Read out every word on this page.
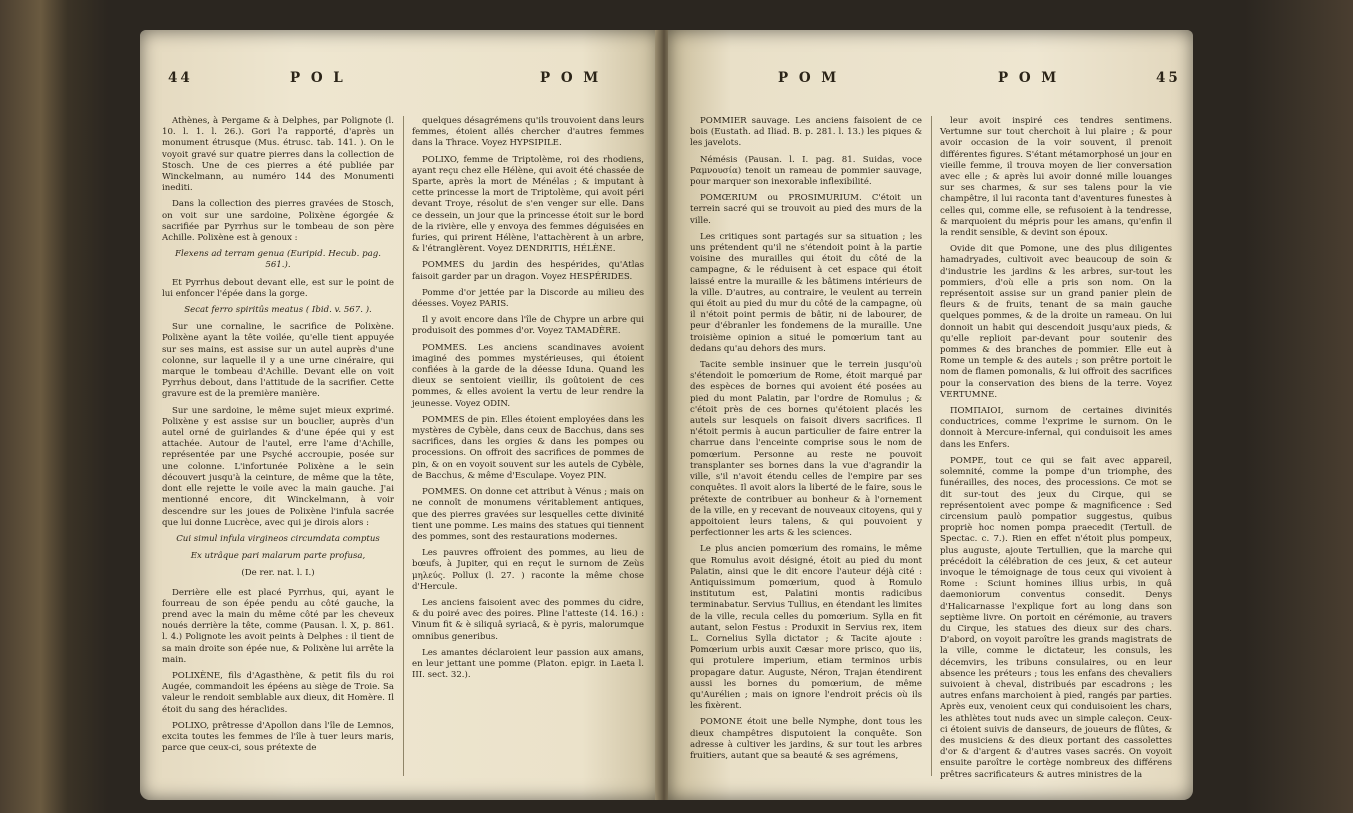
44	P O L	P O M

Athènes, à Pergame & à Delphes, par Polignote (l. 10. l. 1. l. 26.). Gori l'a rapporté, d'après un monument étrusque (Mus. étrusc. tab. 141. ). On le voyoit gravé sur quatre pierres dans la collection de Stosch. Une de ces pierres a été publiée par Winckelmann, au numéro 144 des Monumenti inediti.

Dans la collection des pierres gravées de Stosch, on voit sur une sardoine, Polixène égorgée & sacrifiée par Pyrrhus sur le tombeau de son père Achille. Polixène est à genoux :

Flexens ad terram genua (Euripid. Hecub. pag. 561.).

Et Pyrrhus debout devant elle, est sur le point de lui enfoncer l'épée dans la gorge.

Secat ferro spiritûs meatus ( Ibid. v. 567. ).

Sur une cornaline, le sacrifice de Polixène. Polixène ayant la tête voilée, qu'elle tient appuyée sur ses mains, est assise sur un autel auprès d'une colonne, sur laquelle il y a une urne cinéraire, qui marque le tombeau d'Achille. Devant elle on voit Pyrrhus debout, dans l'attitude de la sacrifier. Cette gravure est de la première manière.

Sur une sardoine, le même sujet mieux exprimé. Polixène y est assise sur un bouclier, auprès d'un autel orné de guirlandes & d'une épée qui y est attachée. Autour de l'autel, erre l'ame d'Achille, représentée par une Psyché accroupie, posée sur une colonne. L'infortunée Polixène a le sein découvert jusqu'à la ceinture, de même que la tête, dont elle rejette le voile avec la main gauche. J'ai mentionné encore, dit Winckelmann, à voir descendre sur les joues de Polixène l'infula sacrée que lui donne Lucrèce, avec qui je dirois alors :

Cui simul infula virgineos circumdata comptus

Ex utrâque pari malarum parte profusa,

(De rer. nat. l. I.)

Derrière elle est placé Pyrrhus, qui, ayant le fourreau de son épée pendu au côté gauche, la prend avec la main du même côté par les cheveux noués derrière la tête, comme (Pausan. l. X, p. 861. l. 4.) Polignote les avoit peints à Delphes : il tient de sa main droite son épée nue, & Polixène lui arrête la main.

POLIXÈNE, fils d'Agasthène, & petit fils du roi Augée, commandoit les épéens au siège de Troie. Sa valeur le rendoit semblable aux dieux, dit Homère. Il étoit du sang des héraclides.

POLIXO, prêtresse d'Apollon dans l'île de Lemnos, excita toutes les femmes de l'île à tuer leurs maris, parce que ceux-ci, sous prétexte de

quelques désagrémens qu'ils trouvoient dans leurs femmes, étoient allés chercher d'autres femmes dans la Thrace. Voyez HYPSIPILE.

POLIXO, femme de Triptolème, roi des rhodiens, ayant reçu chez elle Hélène, qui avoit été chassée de Sparte, après la mort de Ménélas ; & imputant à cette princesse la mort de Triptolème, qui avoit péri devant Troye, résolut de s'en venger sur elle. Dans ce dessein, un jour que la princesse étoit sur le bord de la rivière, elle y envoya des femmes déguisées en furies, qui prirent Hélène, l'attachèrent à un arbre, & l'étranglèrent. Voyez DENDRITIS, HÉLÈNE.

POMMES du jardin des hespérides, qu'Atlas faisoit garder par un dragon. Voyez HESPÉRIDES.

Pomme d'or jettée par la Discorde au milieu des déesses. Voyez PARIS.

Il y avoit encore dans l'île de Chypre un arbre qui produisoit des pommes d'or. Voyez TAMADÈRE.

POMMES. Les anciens scandinaves avoient imaginé des pommes mystérieuses, qui étoient confiées à la garde de la déesse Iduna. Quand les dieux se sentoient vieillir, ils goûtoient de ces pommes, & elles avoient la vertu de leur rendre la jeunesse. Voyez ODIN.

POMMES de pin. Elles étoient employées dans les mystères de Cybèle, dans ceux de Bacchus, dans ses sacrifices, dans les orgies & dans les pompes ou processions. On offroit des sacrifices de pommes de pin, & on en voyoit souvent sur les autels de Cybèle, de Bacchus, & même d'Esculape. Voyez PIN.

POMMES. On donne cet attribut à Vénus ; mais on ne connoît de monumens véritablement antiques, que des pierres gravées sur lesquelles cette divinité tient une pomme. Les mains des statues qui tiennent des pommes, sont des restaurations modernes.

Les pauvres offroient des pommes, au lieu de bœufs, à Jupiter, qui en reçut le surnom de Zeùs μηλεύς. Pollux (l. 27. ) raconte la même chose d'Hercule.

Les anciens faisoient avec des pommes du cidre, & du poiré avec des poires. Pline l'atteste (14. 16.) : Vinum fit & è siliquâ syriacâ, & è pyris, malorumque omnibus generibus.

Les amantes déclaroient leur passion aux amans, en leur jettant une pomme (Platon. epigr. in Laeta l. III. sect. 32.).

P O M	P O M	45

POMMIER sauvage. Les anciens faisoient de ce bois (Eustath. ad Iliad. B. p. 281. l. 13.) les piques & les javelots.

Némésis (Pausan. l. I. pag. 81. Suidas, voce Ραμνουσία) tenoit un rameau de pommier sauvage, pour marquer son inexorable inflexibilité.

POMŒRIUM ou PROSIMURIUM. C'étoit un terrein sacré qui se trouvoit au pied des murs de la ville.

Les critiques sont partagés sur sa situation ; les uns prétendent qu'il ne s'étendoit point à la partie voisine des murailles qui étoit du côté de la campagne, & le réduisent à cet espace qui étoit laissé entre la muraille & les bâtimens intérieurs de la ville. D'autres, au contraire, le veulent au terrein qui étoit au pied du mur du côté de la campagne, où il n'étoit point permis de bâtir, ni de labourer, de peur d'ébranler les fondemens de la muraille. Une troisième opinion a situé le pomœrium tant au dedans qu'au dehors des murs.

Tacite semble insinuer que le terrein jusqu'où s'étendoit le pomœrium de Rome, étoit marqué par des espèces de bornes qui avoient été posées au pied du mont Palatin, par l'ordre de Romulus ; & c'étoit près de ces bornes qu'étoient placés les autels sur lesquels on faisoit divers sacrifices. Il n'étoit permis à aucun particulier de faire entrer la charrue dans l'enceinte comprise sous le nom de pomœrium. Personne au reste ne pouvoit transplanter ses bornes dans la vue d'agrandir la ville, s'il n'avoit étendu celles de l'empire par ses conquêtes. Il avoit alors la liberté de le faire, sous le prétexte de contribuer au bonheur & à l'ornement de la ville, en y recevant de nouveaux citoyens, qui y appoitoient leurs talens, & qui pouvoient y perfectionner les arts & les sciences.

Le plus ancien pomœrium des romains, le même que Romulus avoit désigné, étoit au pied du mont Palatin, ainsi que le dit encore l'auteur déjà cité : Antiquissimum pomœrium, quod à Romulo institutum est, Palatini montis radicibus terminabatur. Servius Tullius, en étendant les limites de la ville, recula celles du pomœrium. Sylla en fit autant, selon Festus : Produxit in Servius rex, item L. Cornelius Sylla dictator ; & Tacite ajoute : Pomœrium urbis auxit Cæsar more prisco, quo iis, qui protulere imperium, etiam terminos urbis propagare datur. Auguste, Néron, Trajan étendirent aussi les bornes du pomœrium, de même qu'Aurélien ; mais on ignore l'endroit précis où ils les fixèrent.

POMONE étoit une belle Nymphe, dont tous les dieux champêtres disputoient la conquête. Son adresse à cultiver les jardins, & sur tout les arbres fruitiers, autant que sa beauté & ses agrémens,

leur avoit inspiré ces tendres sentimens. Vertumne sur tout cherchoit à lui plaire ; & pour avoir occasion de la voir souvent, il prenoit différentes figures. S'étant métamorphosé un jour en vieille femme, il trouva moyen de lier conversation avec elle ; & après lui avoir donné mille louanges sur ses charmes, & sur ses talens pour la vie champêtre, il lui raconta tant d'aventures funestes à celles qui, comme elle, se refusoient à la tendresse, & marquoient du mépris pour les amans, qu'enfin il la rendit sensible, & devint son époux.

Ovide dit que Pomone, une des plus diligentes hamadryades, cultivoit avec beaucoup de soin & d'industrie les jardins & les arbres, sur-tout les pommiers, d'où elle a pris son nom. On la représentoit assise sur un grand panier plein de fleurs & de fruits, tenant de sa main gauche quelques pommes, & de la droite un rameau. On lui donnoit un habit qui descendoit jusqu'aux pieds, & qu'elle replioit par-devant pour soutenir des pommes & des branches de pommier. Elle eut à Rome un temple & des autels ; son prêtre portoit le nom de flamen pomonalis, & lui offroit des sacrifices pour la conservation des biens de la terre. Voyez VERTUMNE.

ΠΟΜΠΑΙΟΙ, surnom de certaines divinités conductrices, comme l'exprime le surnom. On le donnoit à Mercure-infernal, qui conduisoit les ames dans les Enfers.

POMPE, tout ce qui se fait avec appareil, solemnité, comme la pompe d'un triomphe, des funérailles, des noces, des processions. Ce mot se dit sur-tout des jeux du Cirque, qui se représentoient avec pompe & magnificence : Sed circensium paulò pompatior suggestus, quibus propriè hoc nomen pompa praecedit (Tertull. de Spectac. c. 7.). Rien en effet n'étoit plus pompeux, plus auguste, ajoute Tertullien, que la marche qui précédoit la célébration de ces jeux, & cet auteur invoque le témoignage de tous ceux qui vivoient à Rome : Sciunt homines illius urbis, in quâ daemoniorum conventus consedit. Denys d'Halicarnasse l'explique fort au long dans son septième livre. On portoit en cérémonie, au travers du Cirque, les statues des dieux sur des chars. D'abord, on voyoit paroître les grands magistrats de la ville, comme le dictateur, les consuls, les décemvirs, les tribuns consulaires, ou en leur absence les préteurs ; tous les enfans des chevaliers suivoient à cheval, distribués par escadrons ; les autres enfans marchoient à pied, rangés par parties. Après eux, venoient ceux qui conduisoient les chars, les athlètes tout nuds avec un simple caleçon. Ceux-ci étoient suivis de danseurs, de joueurs de flûtes, & des musiciens & des dieux portant des cassolettes d'or & d'argent & d'autres vases sacrés. On voyoit ensuite paroître le cortège nombreux des différens prêtres sacrificateurs & autres ministres de la
